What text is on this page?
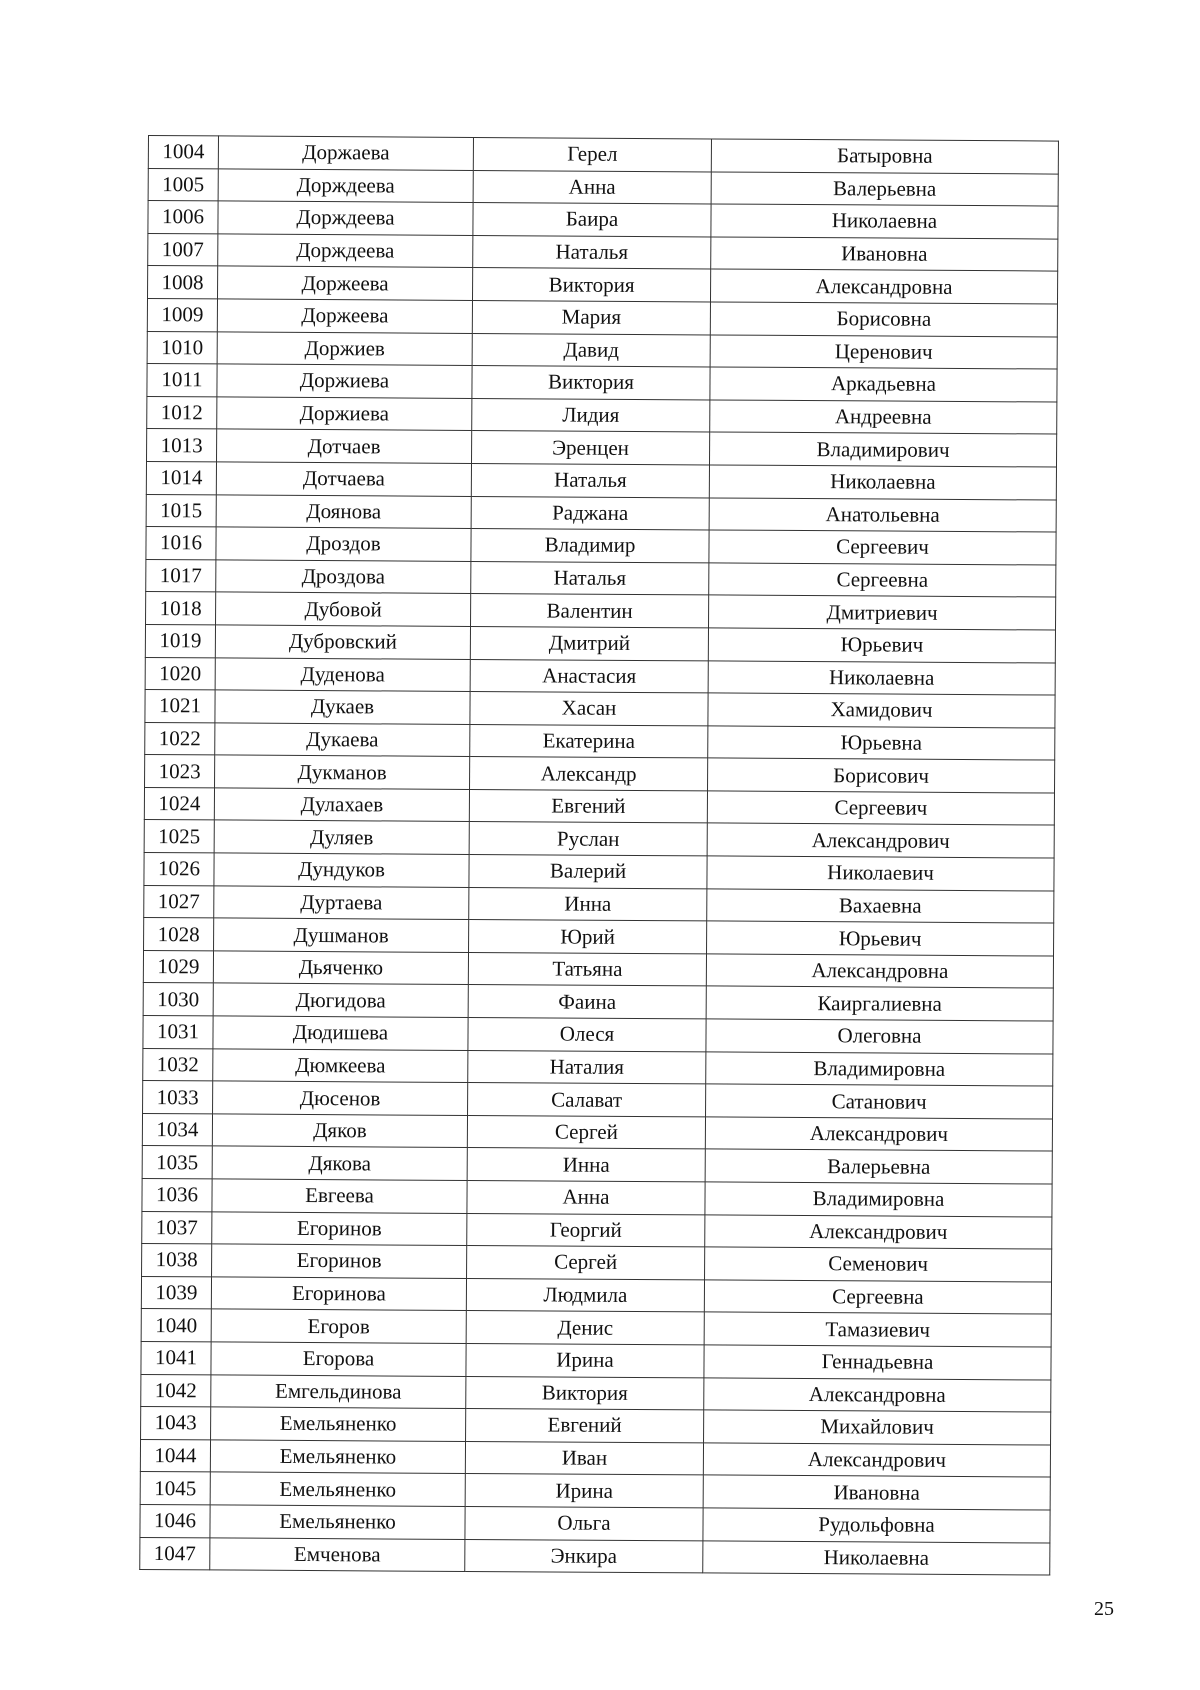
1004	Доржаева	Герел	Батыровна
1005	Дорждеева	Анна	Валерьевна
1006	Дорждеева	Баира	Николаевна
1007	Дорждеева	Наталья	Ивановна
1008	Доржеева	Виктория	Александровна
1009	Доржеева	Мария	Борисовна
1010	Доржиев	Давид	Церенович
1011	Доржиева	Виктория	Аркадьевна
1012	Доржиева	Лидия	Андреевна
1013	Дотчаев	Эренцен	Владимирович
1014	Дотчаева	Наталья	Николаевна
1015	Доянова	Раджана	Анатольевна
1016	Дроздов	Владимир	Сергеевич
1017	Дроздова	Наталья	Сергеевна
1018	Дубовой	Валентин	Дмитриевич
1019	Дубровский	Дмитрий	Юрьевич
1020	Дуденова	Анастасия	Николаевна
1021	Дукаев	Хасан	Хамидович
1022	Дукаева	Екатерина	Юрьевна
1023	Дукманов	Александр	Борисович
1024	Дулахаев	Евгений	Сергеевич
1025	Дуляев	Руслан	Александрович
1026	Дундуков	Валерий	Николаевич
1027	Дуртаева	Инна	Вахаевна
1028	Душманов	Юрий	Юрьевич
1029	Дьяченко	Татьяна	Александровна
1030	Дюгидова	Фаина	Каиргалиевна
1031	Дюдишева	Олеся	Олеговна
1032	Дюмкеева	Наталия	Владимировна
1033	Дюсенов	Салават	Сатанович
1034	Дяков	Сергей	Александрович
1035	Дякова	Инна	Валерьевна
1036	Евгеева	Анна	Владимировна
1037	Егоринов	Георгий	Александрович
1038	Егоринов	Сергей	Семенович
1039	Егоринова	Людмила	Сергеевна
1040	Егоров	Денис	Тамазиевич
1041	Егорова	Ирина	Геннадьевна
1042	Емгельдинова	Виктория	Александровна
1043	Емельяненко	Евгений	Михайлович
1044	Емельяненко	Иван	Александрович
1045	Емельяненко	Ирина	Ивановна
1046	Емельяненко	Ольга	Рудольфовна
1047	Емченова	Энкира	Николаевна
25
